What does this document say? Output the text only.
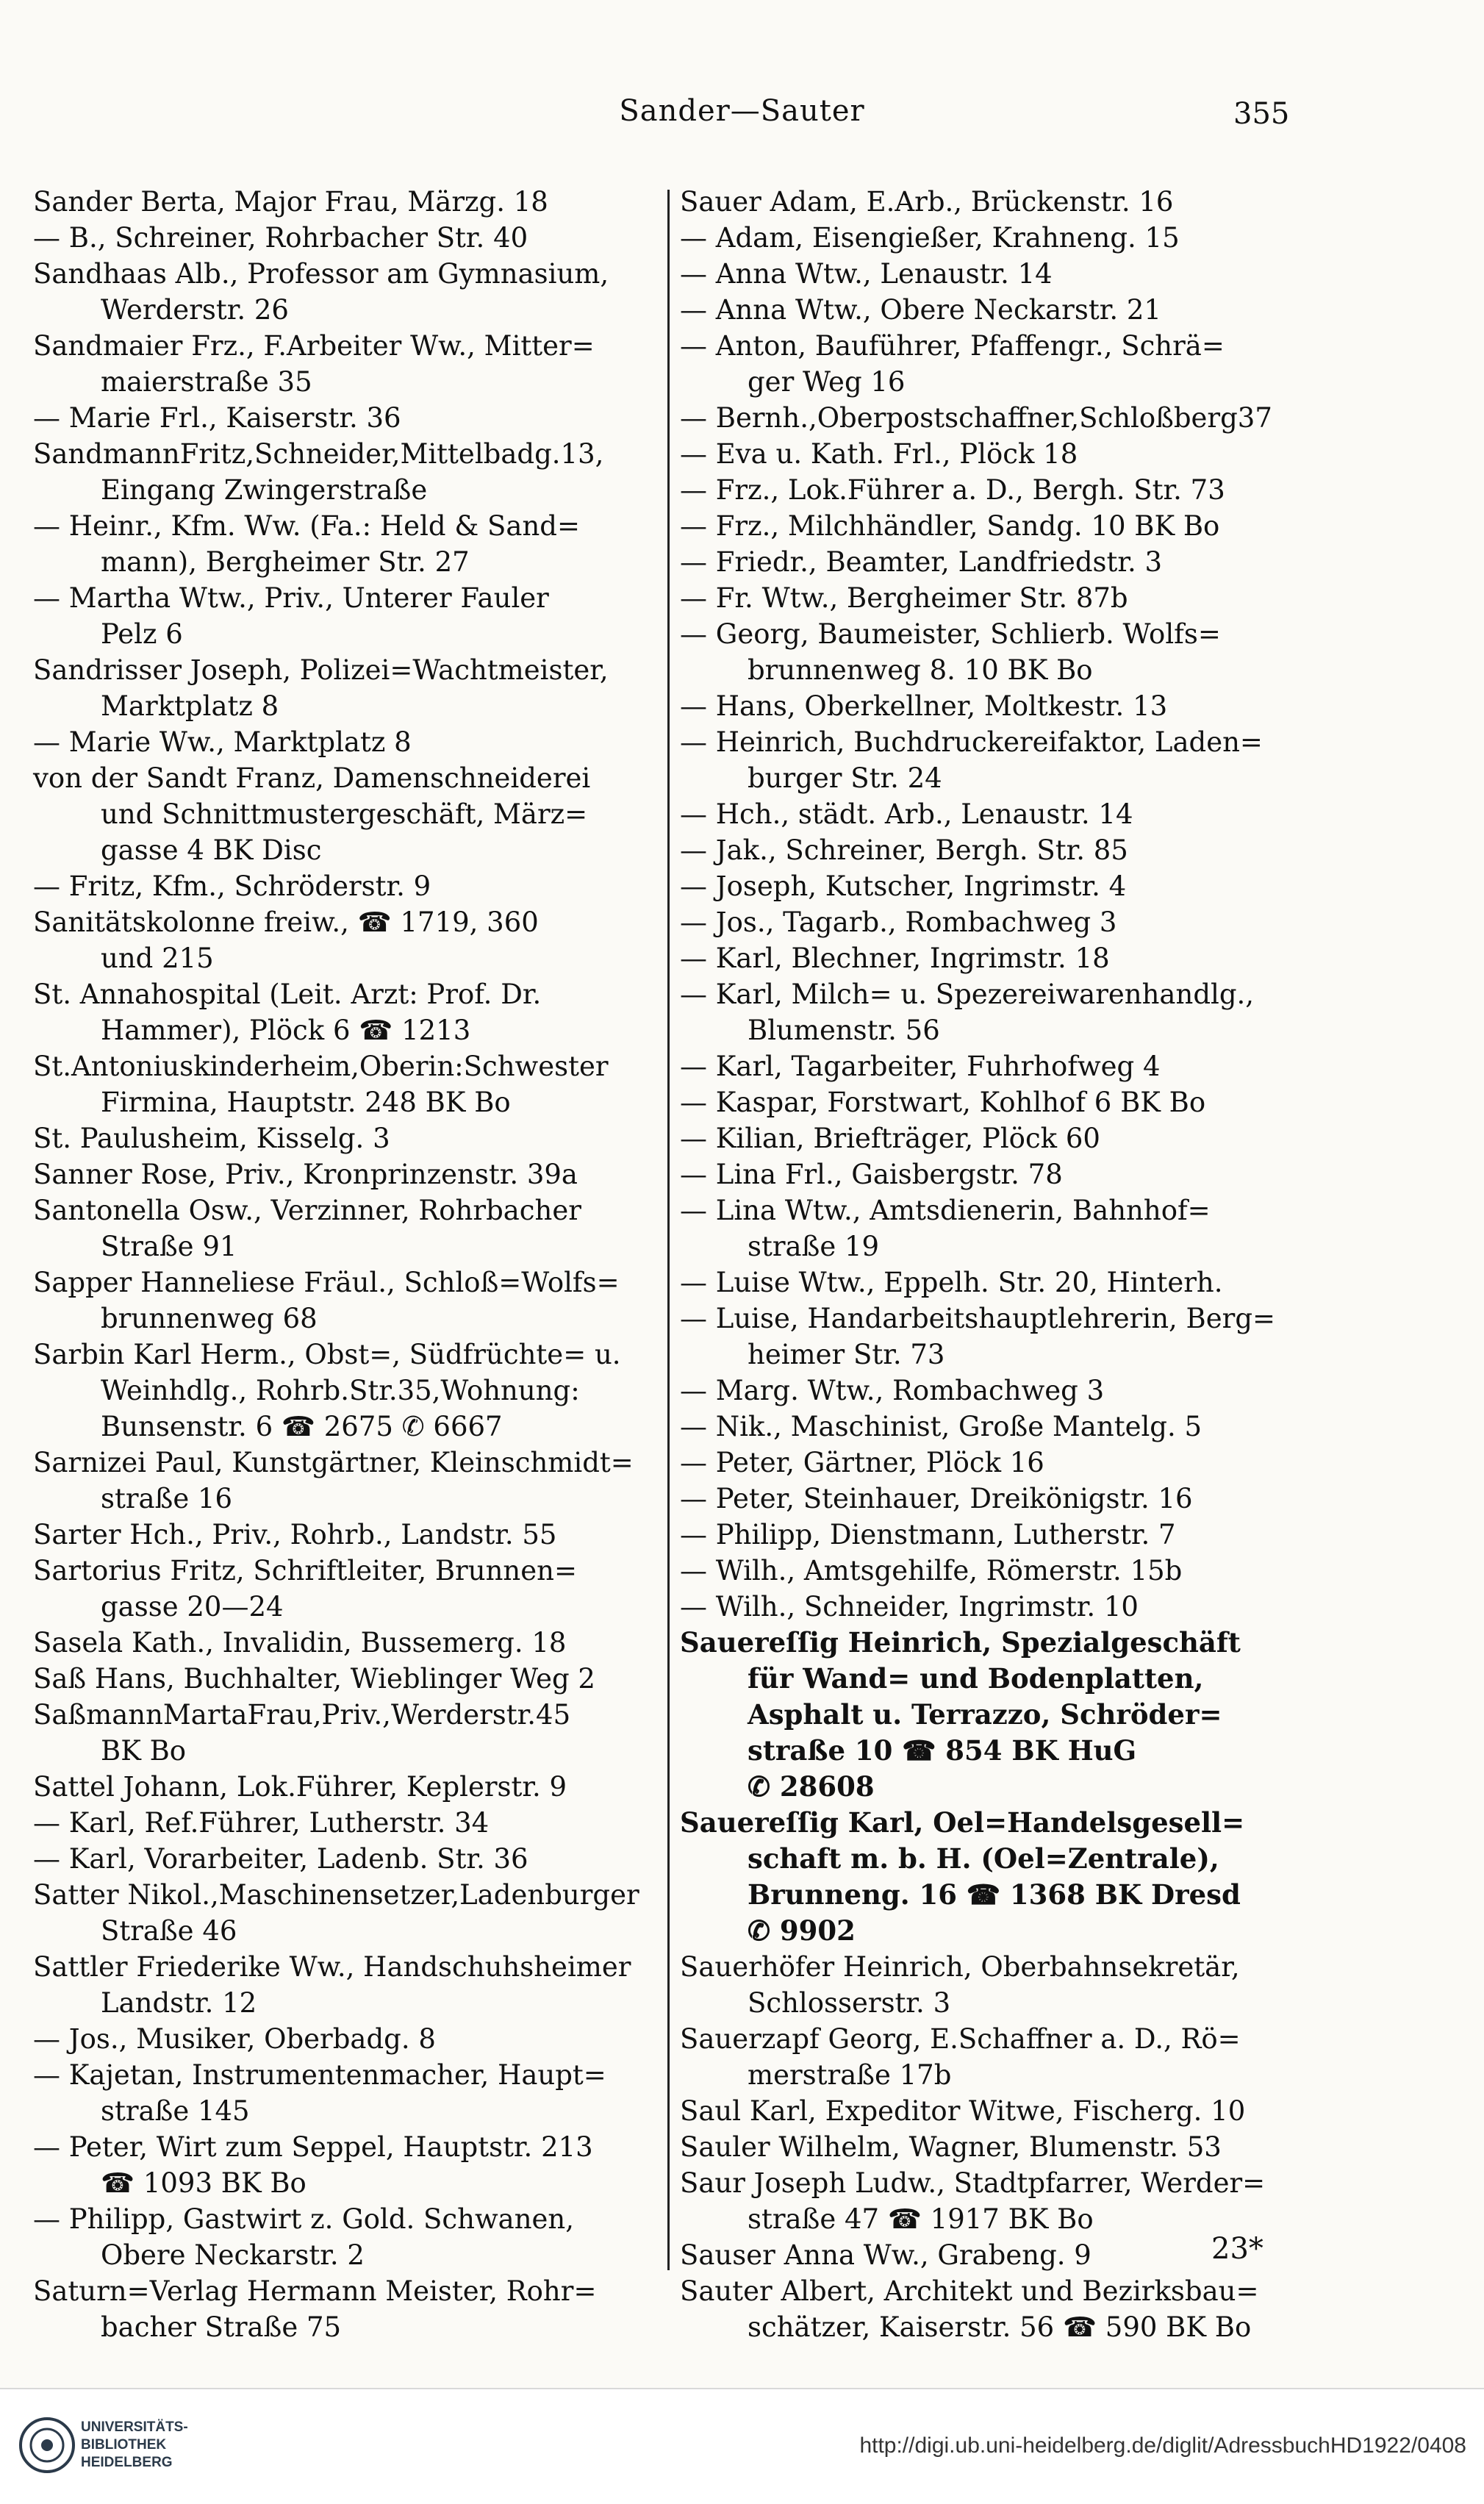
Sander—Sauter	355
Sander Berta, Major Frau, Märzg. 18
— B., Schreiner, Rohrbacher Str. 40
Sandhaas Alb., Professor am Gymnasium,

Werderstr. 26
Sandmaier Frz., F.Arbeiter Ww., Mitter=

maierstraße 35
— Marie Frl., Kaiserstr. 36
SandmannFritz,Schneider,Mittelbadg.13,

Eingang Zwingerstraße
— Heinr., Kfm. Ww. (Fa.: Held & Sand=

mann), Bergheimer Str. 27
— Martha Wtw., Priv., Unterer Fauler

Pelz 6
Sandrisser Joseph, Polizei=Wachtmeister,

Marktplatz 8
— Marie Ww., Marktplatz 8
von der Sandt Franz, Damenschneiderei

und Schnittmustergeschäft, März=
gasse 4 BK Disc
— Fritz, Kfm., Schröderstr. 9
Sanitätskolonne freiw., ☎ 1719, 360

und 215
St. Annahospital (Leit. Arzt: Prof. Dr.

Hammer), Plöck 6 ☎ 1213
St.Antoniuskinderheim,Oberin:Schwester

Firmina, Hauptstr. 248 BK Bo
St. Paulusheim, Kisselg. 3
Sanner Rose, Priv., Kronprinzenstr. 39a
Santonella Osw., Verzinner, Rohrbacher

Straße 91
Sapper Hanneliese Fräul., Schloß=Wolfs=

brunnenweg 68
Sarbin Karl Herm., Obst=, Südfrüchte= u.

Weinhdlg., Rohrb.Str.35,Wohnung:
Bunsenstr. 6 ☎ 2675 ✆ 6667
Sarnizei Paul, Kunstgärtner, Kleinschmidt=

straße 16
Sarter Hch., Priv., Rohrb., Landstr. 55
Sartorius Fritz, Schriftleiter, Brunnen=

gasse 20—24
Sasela Kath., Invalidin, Bussemerg. 18
Saß Hans, Buchhalter, Wieblinger Weg 2
SaßmannMartaFrau,Priv.,Werderstr.45

BK Bo
Sattel Johann, Lok.Führer, Keplerstr. 9
— Karl, Ref.Führer, Lutherstr. 34
— Karl, Vorarbeiter, Ladenb. Str. 36
Satter Nikol.,Maschinensetzer,Ladenburger

Straße 46
Sattler Friederike Ww., Handschuhsheimer

Landstr. 12
— Jos., Musiker, Oberbadg. 8
— Kajetan, Instrumentenmacher, Haupt=

straße 145
— Peter, Wirt zum Seppel, Hauptstr. 213

☎ 1093 BK Bo
— Philipp, Gastwirt z. Gold. Schwanen,

Obere Neckarstr. 2
Saturn=Verlag Hermann Meister, Rohr=

bacher Straße 75
Sauer Adam, E.Arb., Brückenstr. 16
— Adam, Eisengießer, Krahneng. 15
— Anna Wtw., Lenaustr. 14
— Anna Wtw., Obere Neckarstr. 21
— Anton, Bauführer, Pfaffengr., Schrä=

ger Weg 16
— Bernh.,Oberpostschaffner,Schloßberg37
— Eva u. Kath. Frl., Plöck 18
— Frz., Lok.Führer a. D., Bergh. Str. 73
— Frz., Milchhändler, Sandg. 10 BK Bo
— Friedr., Beamter, Landfriedstr. 3
— Fr. Wtw., Bergheimer Str. 87b
— Georg, Baumeister, Schlierb. Wolfs=

brunnenweg 8. 10 BK Bo
— Hans, Oberkellner, Moltkestr. 13
— Heinrich, Buchdruckereifaktor, Laden=

burger Str. 24
— Hch., städt. Arb., Lenaustr. 14
— Jak., Schreiner, Bergh. Str. 85
— Joseph, Kutscher, Ingrimstr. 4
— Jos., Tagarb., Rombachweg 3
— Karl, Blechner, Ingrimstr. 18
— Karl, Milch= u. Spezereiwarenhandlg.,

Blumenstr. 56
— Karl, Tagarbeiter, Fuhrhofweg 4
— Kaspar, Forstwart, Kohlhof 6 BK Bo
— Kilian, Briefträger, Plöck 60
— Lina Frl., Gaisbergstr. 78
— Lina Wtw., Amtsdienerin, Bahnhof=

straße 19
— Luise Wtw., Eppelh. Str. 20, Hinterh.
— Luise, Handarbeitshauptlehrerin, Berg=

heimer Str. 73
— Marg. Wtw., Rombachweg 3
— Nik., Maschinist, Große Mantelg. 5
— Peter, Gärtner, Plöck 16
— Peter, Steinhauer, Dreikönigstr. 16
— Philipp, Dienstmann, Lutherstr. 7
— Wilh., Amtsgehilfe, Römerstr. 15b
— Wilh., Schneider, Ingrimstr. 10
Sauereſſig Heinrich, Spezialgeschäft

für Wand= und Bodenplatten,
Asphalt u. Terrazzo, Schröder=
straße 10 ☎ 854 BK HuG
✆ 28608
Sauereſſig Karl, Oel=Handelsgesell=

schaft m. b. H. (Oel=Zentrale),
Brunneng. 16 ☎ 1368 BK Dresd
✆ 9902
Sauerhöfer Heinrich, Oberbahnsekretär,

Schlosserstr. 3
Sauerzapf Georg, E.Schaffner a. D., Rö=

merstraße 17b
Saul Karl, Expeditor Witwe, Fischerg. 10
Sauler Wilhelm, Wagner, Blumenstr. 53
Saur Joseph Ludw., Stadtpfarrer, Werder=

straße 47 ☎ 1917 BK Bo
Sauser Anna Ww., Grabeng. 9
Sauter Albert, Architekt und Bezirksbau=

schätzer, Kaiserstr. 56 ☎ 590 BK Bo
23*
UNIVERSITÄTS-
BIBLIOTHEK
HEIDELBERG
http://digi.ub.uni-heidelberg.de/diglit/AdressbuchHD1922/0408
